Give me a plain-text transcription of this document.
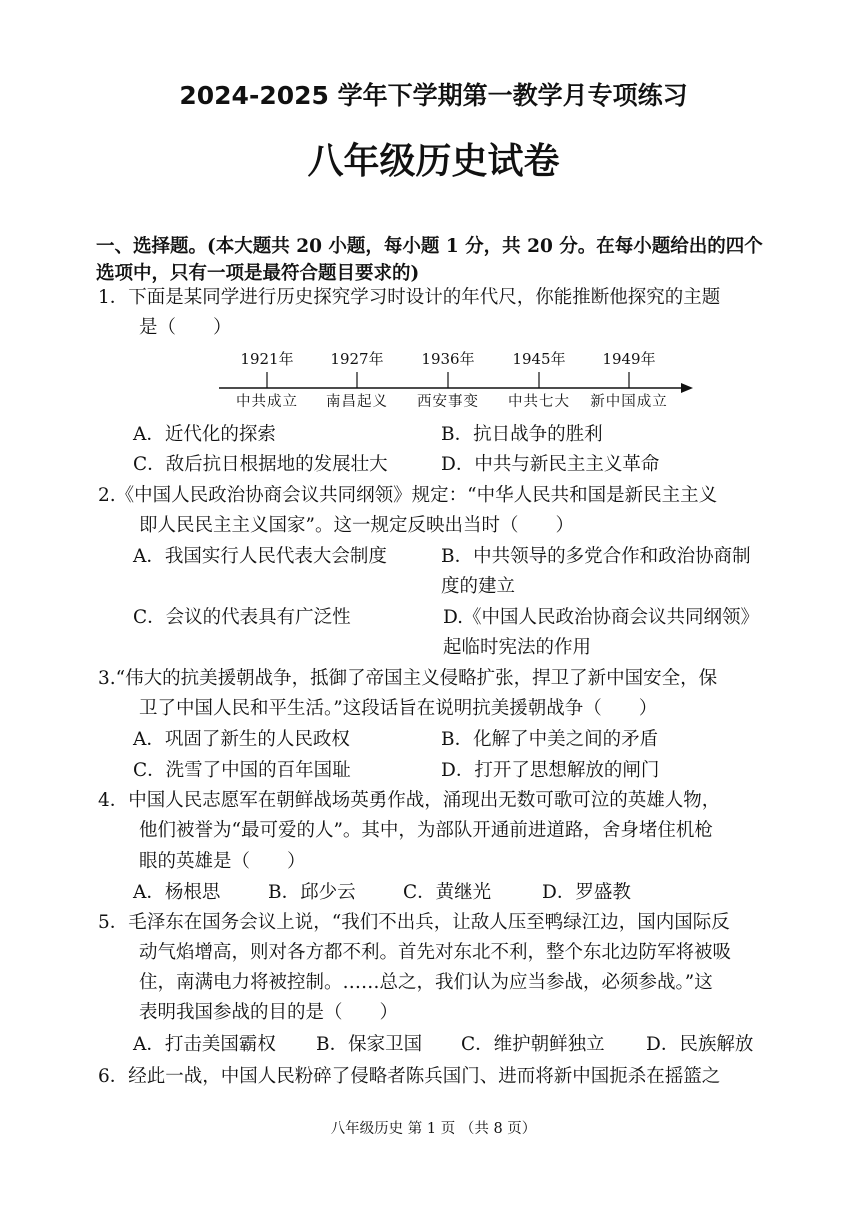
2024-2025 学年下学期第一教学月专项练习
八年级历史试卷
一、选择题。(本大题共 20 小题，每小题 1 分，共 20 分。在每小题给出的四个
选项中，只有一项是最符合题目要求的)
1．下面是某同学进行历史探究学习时设计的年代尺，你能推断他探究的主题
是（　　）
1921年 1927年	1936年	1945年 1949年
中共成立 南昌起义 西安事变 中共七大 新中国成立
A．近代化的探索	B．抗日战争的胜利
C．敌后抗日根据地的发展壮大	D．中共与新民主主义革命
2.《中国人民政治协商会议共同纲领》规定：“中华人民共和国是新民主主义
即人民民主主义国家”。这一规定反映出当时（　　）
A．我国实行人民代表大会制度	B．中共领导的多党合作和政治协商制
度的建立
C．会议的代表具有广泛性	D.《中国人民政治协商会议共同纲领》
起临时宪法的作用
3.“伟大的抗美援朝战争，抵御了帝国主义侵略扩张，捍卫了新中国安全，保
卫了中国人民和平生活。”这段话旨在说明抗美援朝战争（　　）
A．巩固了新生的人民政权	B．化解了中美之间的矛盾
C．洗雪了中国的百年国耻	D．打开了思想解放的闸门
4．中国人民志愿军在朝鲜战场英勇作战，涌现出无数可歌可泣的英雄人物，
他们被誉为“最可爱的人”。其中，为部队开通前进道路，舍身堵住机枪
眼的英雄是（　　）
A．杨根思	B．邱少云	C．黄继光	D．罗盛教
5．毛泽东在国务会议上说，“我们不出兵，让敌人压至鸭绿江边，国内国际反
动气焰增高，则对各方都不利。首先对东北不利，整个东北边防军将被吸
住，南满电力将被控制。……总之，我们认为应当参战，必须参战。”这
表明我国参战的目的是（　　）
A．打击美国霸权 B．保家卫国 C．维护朝鲜独立 D．民族解放
6．经此一战，中国人民粉碎了侵略者陈兵国门、进而将新中国扼杀在摇篮之
八年级历史 第 1 页 （共 8 页）
